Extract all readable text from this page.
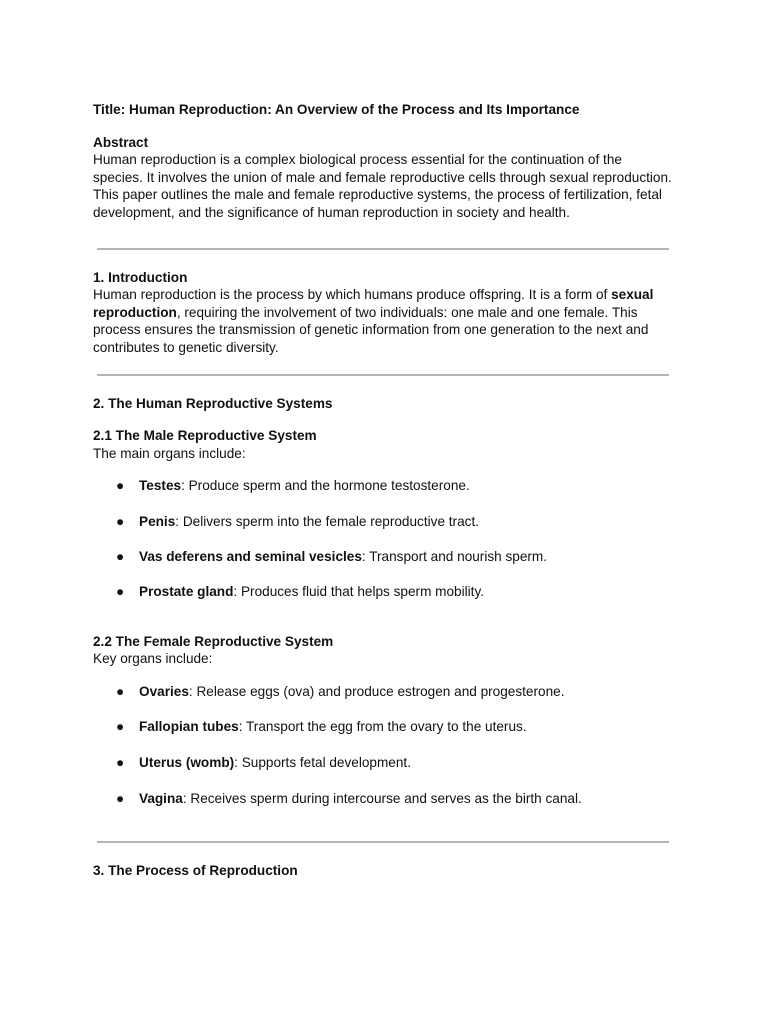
Title: Human Reproduction: An Overview of the Process and Its Importance

Abstract

Human reproduction is a complex biological process essential for the continuation of the species. It involves the union of male and female reproductive cells through sexual reproduction. This paper outlines the male and female reproductive systems, the process of fertilization, fetal development, and the significance of human reproduction in society and health.

1. Introduction

Human reproduction is the process by which humans produce offspring. It is a form of sexual reproduction, requiring the involvement of two individuals: one male and one female. This process ensures the transmission of genetic information from one generation to the next and contributes to genetic diversity.

2. The Human Reproductive Systems

2.1 The Male Reproductive System

The main organs include:

● Testes: Produce sperm and the hormone testosterone.
● Penis: Delivers sperm into the female reproductive tract.
● Vas deferens and seminal vesicles: Transport and nourish sperm.
● Prostate gland: Produces fluid that helps sperm mobility.

2.2 The Female Reproductive System

Key organs include:

● Ovaries: Release eggs (ova) and produce estrogen and progesterone.
● Fallopian tubes: Transport the egg from the ovary to the uterus.
● Uterus (womb): Supports fetal development.
● Vagina: Receives sperm during intercourse and serves as the birth canal.

3. The Process of Reproduction
